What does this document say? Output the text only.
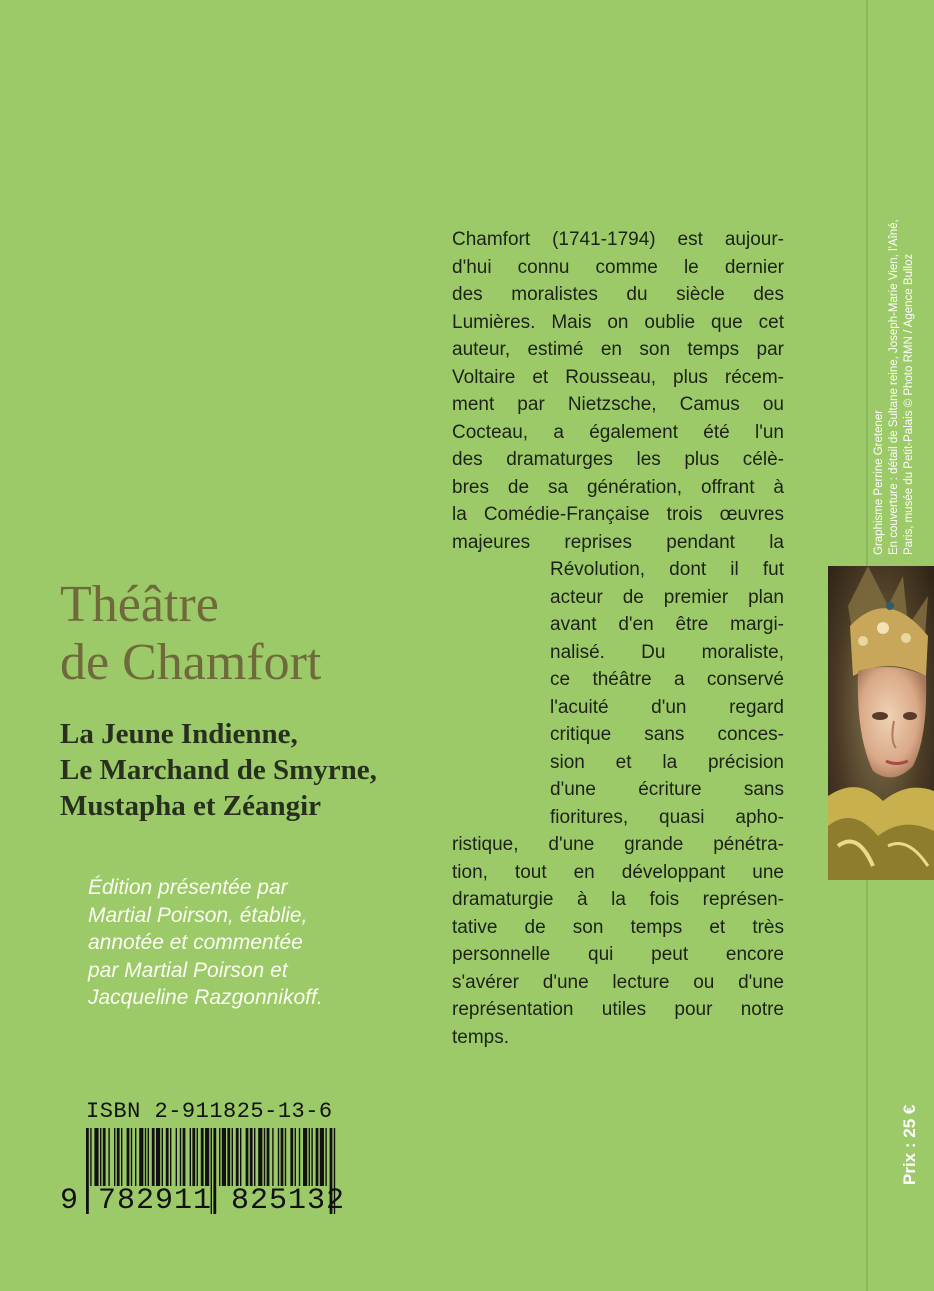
Théâtre
de Chamfort
La Jeune Indienne,
Le Marchand de Smyrne,
Mustapha et Zéangir
Édition présentée par
Martial Poirson, établie,
annotée et commentée
par Martial Poirson et
Jacqueline Razgonnikoff.
Chamfort (1741-1794) est aujour-
d'hui connu comme le dernier
des moralistes du siècle des
Lumières. Mais on oublie que cet
auteur, estimé en son temps par
Voltaire et Rousseau, plus récem-
ment par Nietzsche, Camus ou
Cocteau, a également été l'un
des dramaturges les plus célè-
bres de sa génération, offrant à
la Comédie-Française trois œuvres
majeures reprises pendant la
Révolution, dont il fut
acteur de premier plan
avant d'en être margi-
nalisé. Du moraliste,
ce théâtre a conservé
l'acuité d'un regard
critique sans conces-
sion et la précision
d'une écriture sans
fioritures, quasi apho-
ristique, d'une grande pénétra-
tion, tout en développant une
dramaturgie à la fois représen-
tative de son temps et très
personnelle qui peut encore
s'avérer d'une lecture ou d'une
représentation utiles pour notre
temps.
Graphisme Perrine Gretener En couverture : détail de Sultane reine, Joseph-Marie Vien, l'Aîné, Paris, musée du Petit-Palais © Photo RMN / Agence Bulloz
Prix : 25 €
ISBN 2-911825-13-6
9 782911 825132
